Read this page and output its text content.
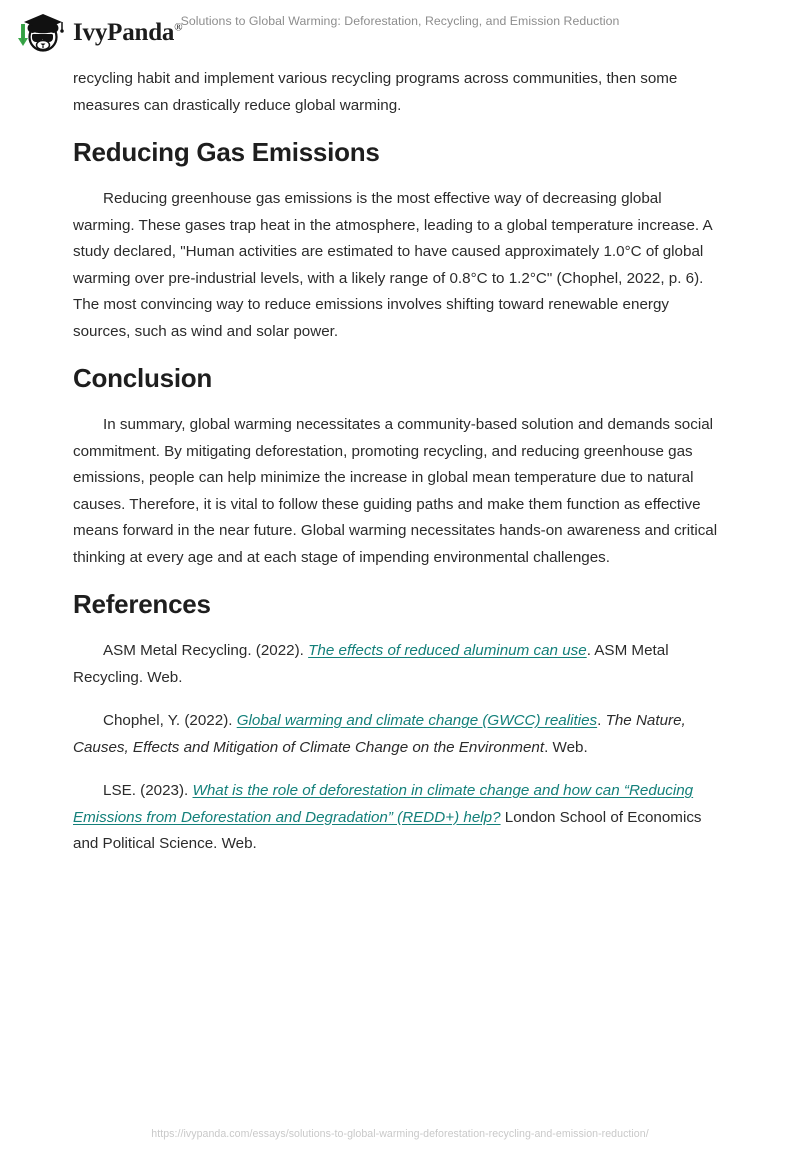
IvyPanda®
Solutions to Global Warming: Deforestation, Recycling, and Emission Reduction

recycling habit and implement various recycling programs across communities, then some measures can drastically reduce global warming.

Reducing Gas Emissions

Reducing greenhouse gas emissions is the most effective way of decreasing global warming. These gases trap heat in the atmosphere, leading to a global temperature increase. A study declared, "Human activities are estimated to have caused approximately 1.0°C of global warming over pre-industrial levels, with a likely range of 0.8°C to 1.2°C" (Chophel, 2022, p. 6). The most convincing way to reduce emissions involves shifting toward renewable energy sources, such as wind and solar power.

Conclusion

In summary, global warming necessitates a community-based solution and demands social commitment. By mitigating deforestation, promoting recycling, and reducing greenhouse gas emissions, people can help minimize the increase in global mean temperature due to natural causes. Therefore, it is vital to follow these guiding paths and make them function as effective means forward in the near future. Global warming necessitates hands-on awareness and critical thinking at every age and at each stage of impending environmental challenges.

References

ASM Metal Recycling. (2022). The effects of reduced aluminum can use. ASM Metal Recycling. Web.

Chophel, Y. (2022). Global warming and climate change (GWCC) realities. The Nature, Causes, Effects and Mitigation of Climate Change on the Environment. Web.

LSE. (2023). What is the role of deforestation in climate change and how can “Reducing Emissions from Deforestation and Degradation” (REDD+) help? London School of Economics and Political Science. Web.

https://ivypanda.com/essays/solutions-to-global-warming-deforestation-recycling-and-emission-reduction/
